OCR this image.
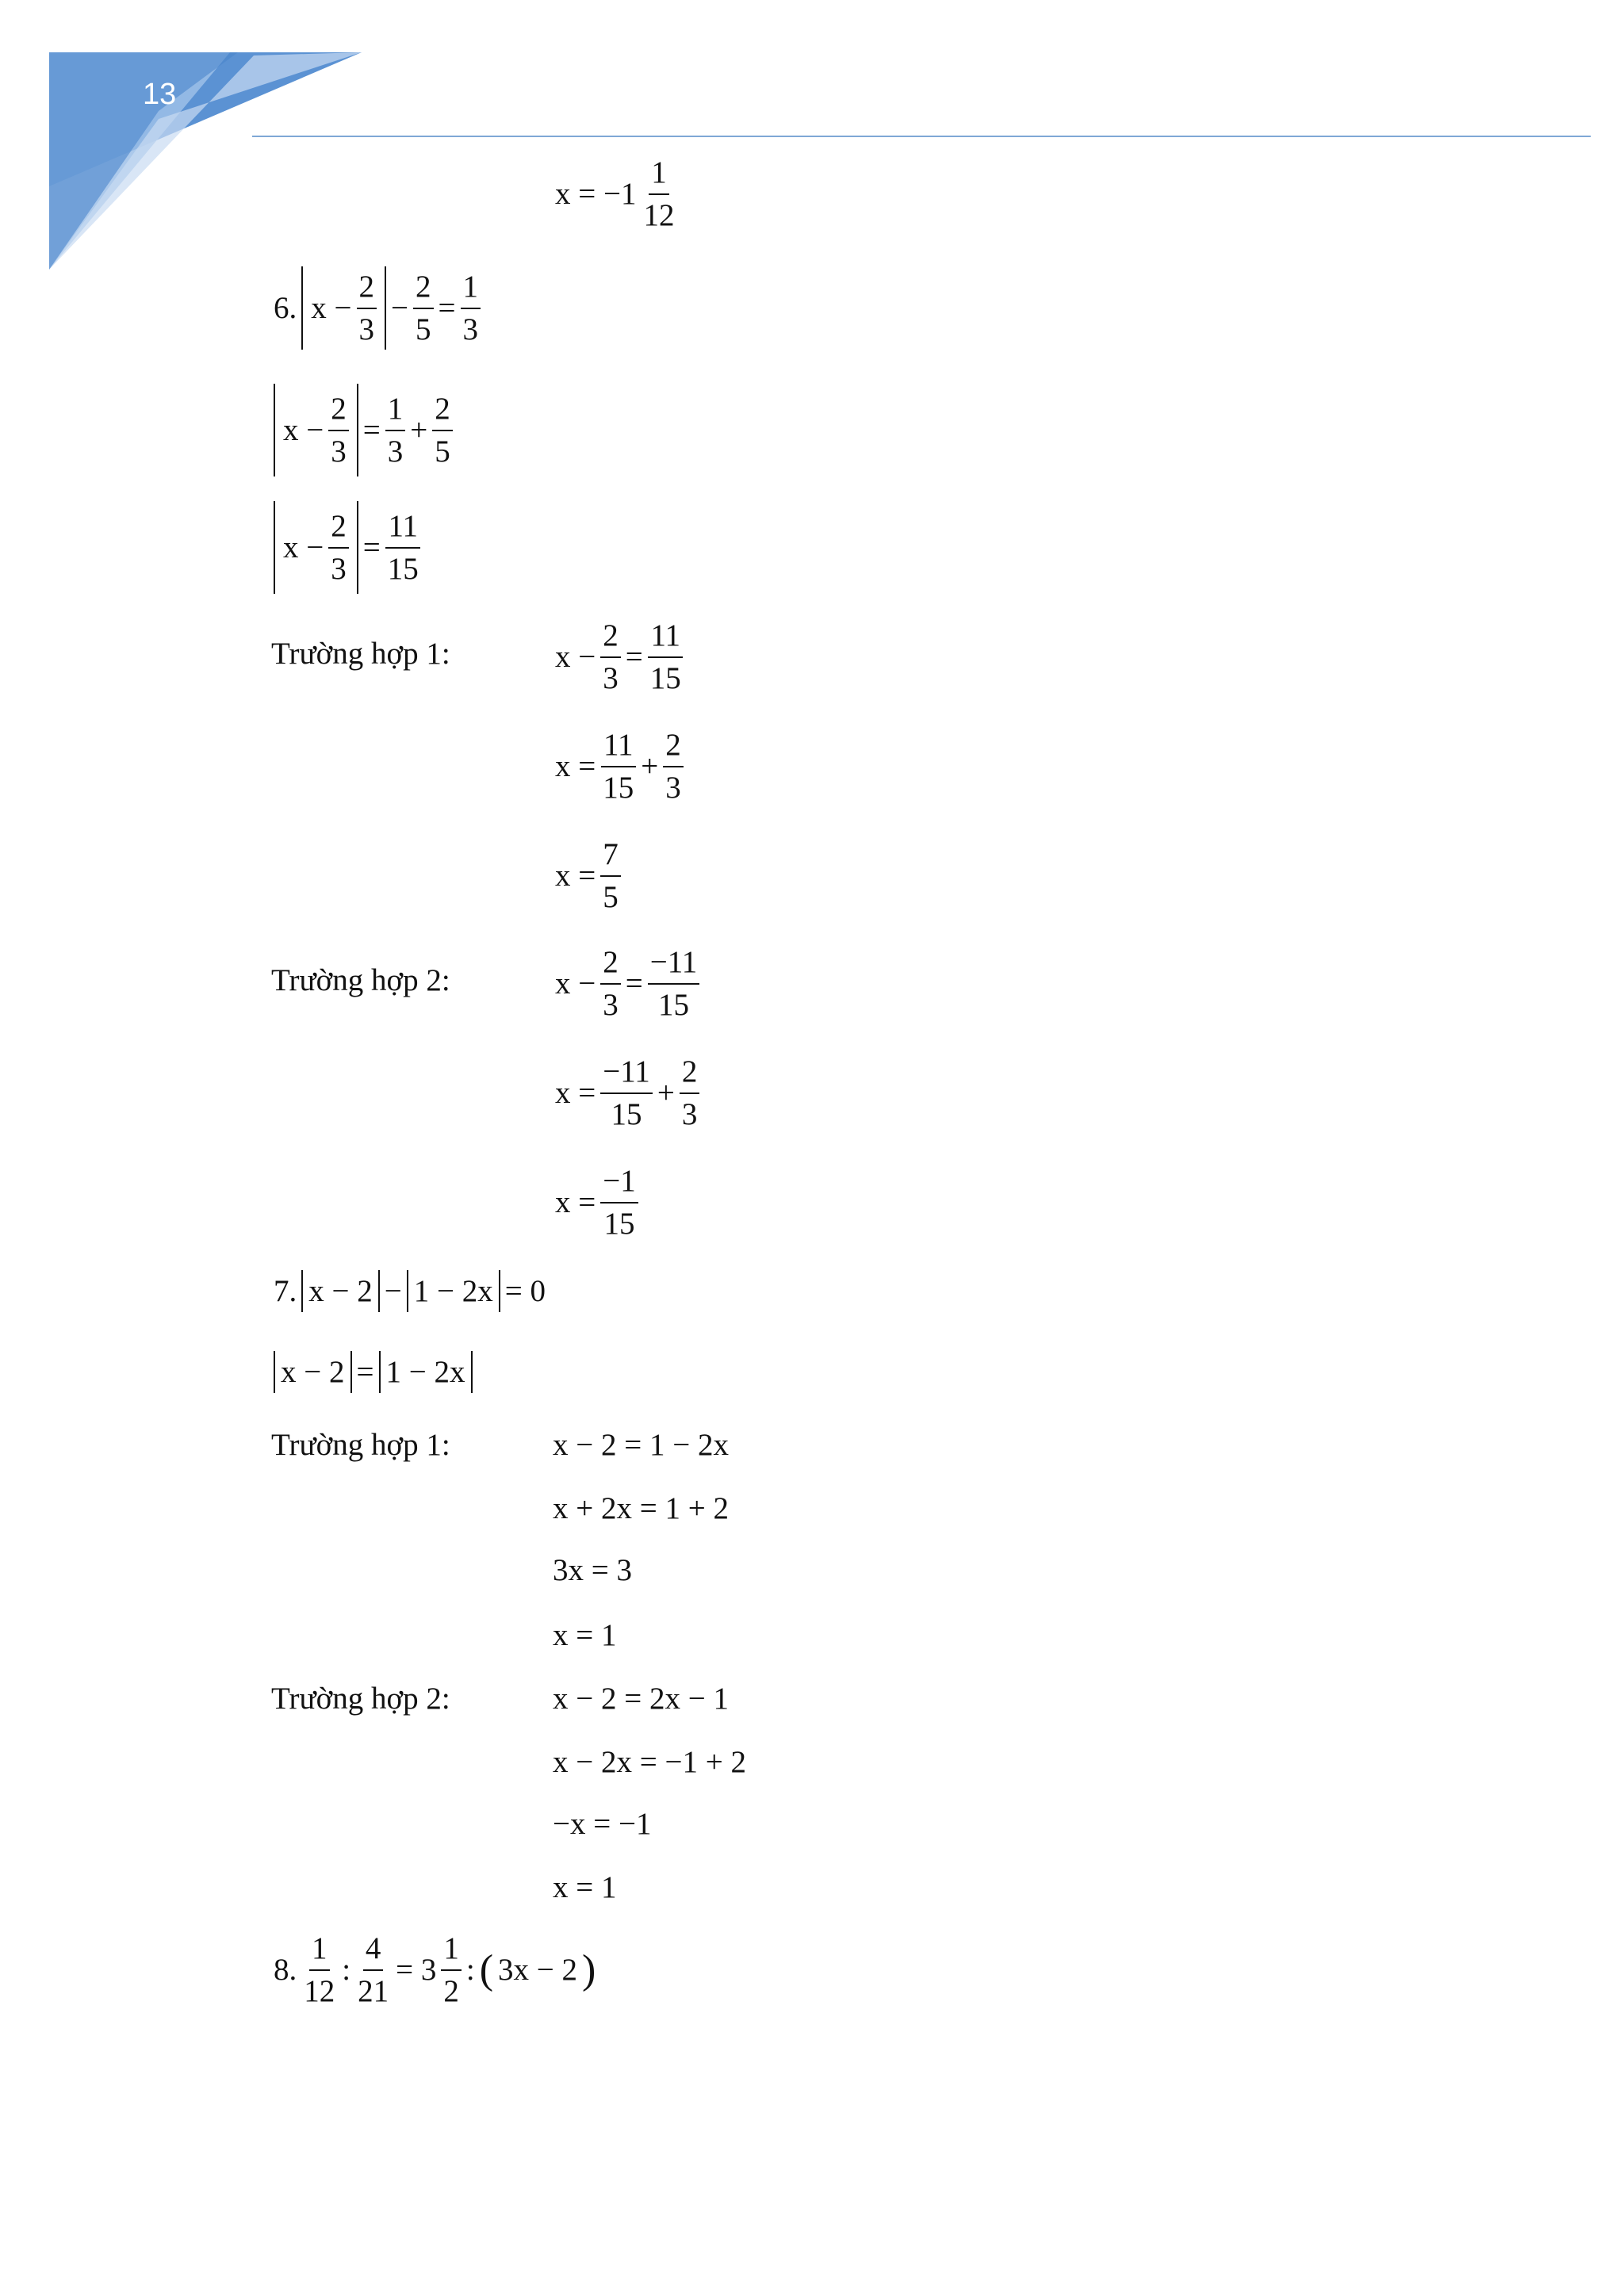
13
$x = -1 \frac{1}{12}$
6. $x - \frac{2}{3} - \frac{2}{5} = \frac{1}{3}$
$x - \frac{2}{3} = \frac{1}{3} + \frac{2}{5}$
$x - \frac{2}{3} = \frac{11}{15}$
Trường hợp 1:	$x - \frac{2}{3} = \frac{11}{15}$
$x = \frac{11}{15} + \frac{2}{3}$
$x = \frac{7}{5}$
Trường hợp 2:	$x - \frac{2}{3} = \frac{-11}{15}$
$x = \frac{-11}{15} + \frac{2}{3}$
$x = \frac{-1}{15}$
7. x − 2 − 1 − 2x = 0
x − 2 = 1 − 2x
Trường hợp 1:	x − 2 = 1 − 2x
x + 2x = 1 + 2
3x = 3
x = 1
Trường hợp 2:	x − 2 = 2x − 1
x − 2x = −1 + 2
−x = −1
x = 1
8. $\frac{1}{12}$ : $\frac{4}{21} = 3 \frac{1}{2}$ : ( 3x − 2 )
